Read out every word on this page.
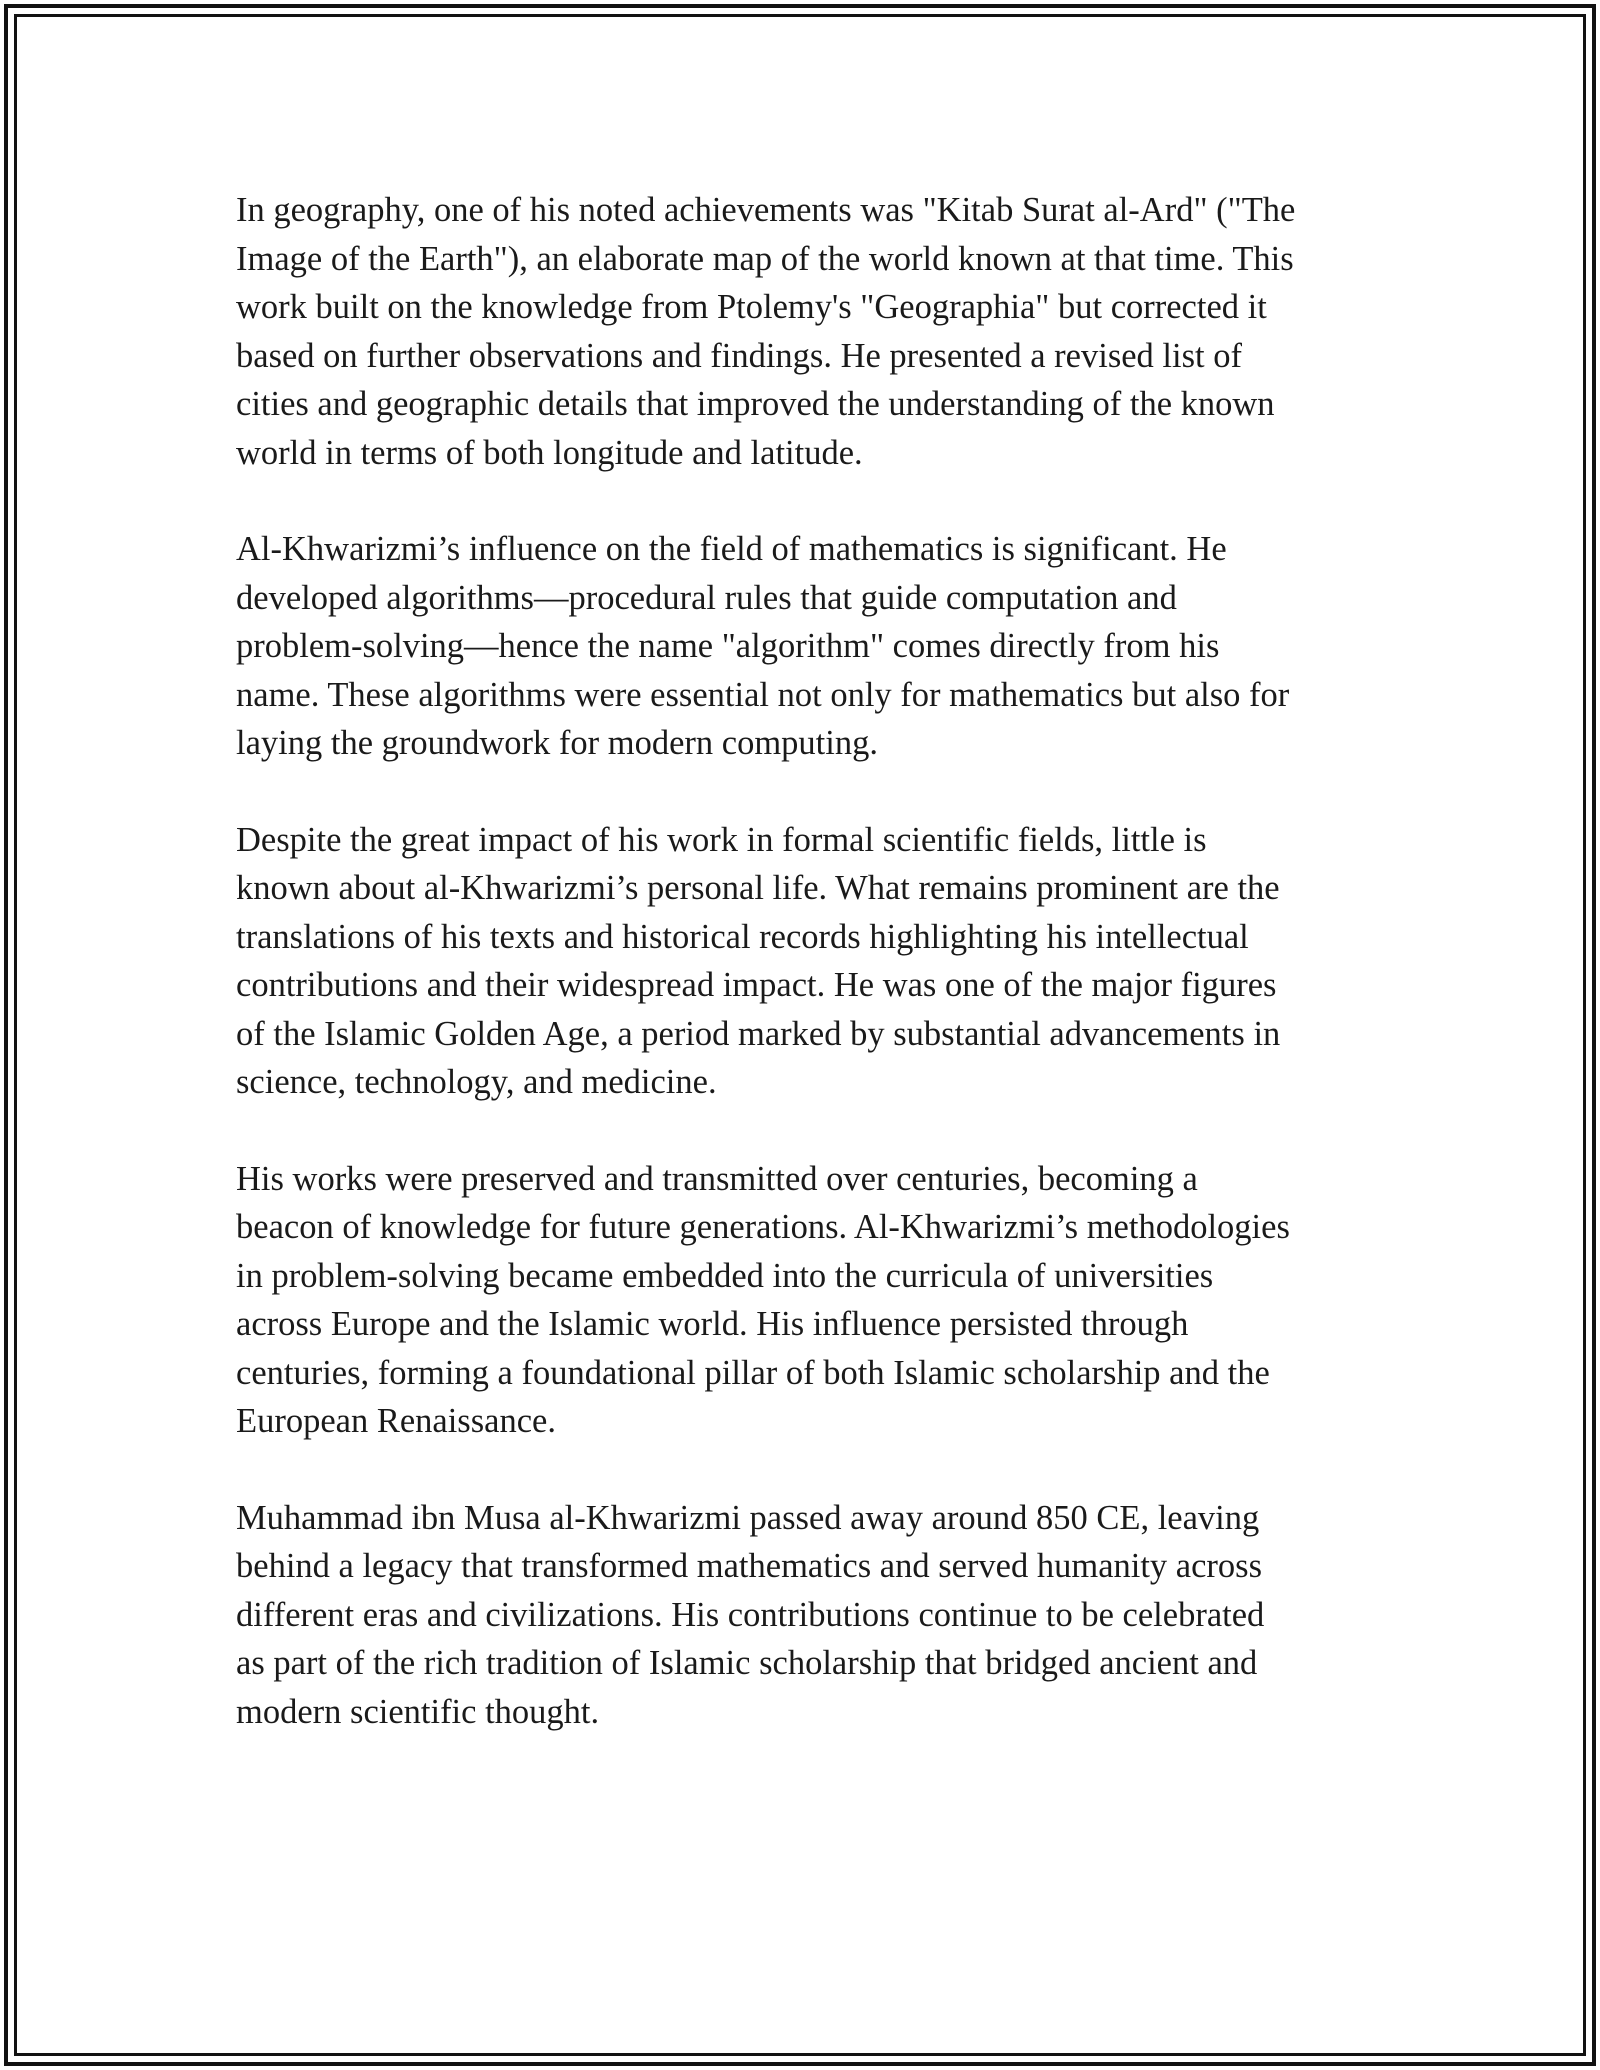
In geography, one of his noted achievements was "Kitab Surat al-Ard" ("The
Image of the Earth"), an elaborate map of the world known at that time. This
work built on the knowledge from Ptolemy's "Geographia" but corrected it
based on further observations and findings. He presented a revised list of
cities and geographic details that improved the understanding of the known
world in terms of both longitude and latitude.

Al-Khwarizmi’s influence on the field of mathematics is significant. He
developed algorithms—procedural rules that guide computation and
problem-solving—hence the name "algorithm" comes directly from his
name. These algorithms were essential not only for mathematics but also for
laying the groundwork for modern computing.

Despite the great impact of his work in formal scientific fields, little is
known about al-Khwarizmi’s personal life. What remains prominent are the
translations of his texts and historical records highlighting his intellectual
contributions and their widespread impact. He was one of the major figures
of the Islamic Golden Age, a period marked by substantial advancements in
science, technology, and medicine.

His works were preserved and transmitted over centuries, becoming a
beacon of knowledge for future generations. Al-Khwarizmi’s methodologies
in problem-solving became embedded into the curricula of universities
across Europe and the Islamic world. His influence persisted through
centuries, forming a foundational pillar of both Islamic scholarship and the
European Renaissance.

Muhammad ibn Musa al-Khwarizmi passed away around 850 CE, leaving
behind a legacy that transformed mathematics and served humanity across
different eras and civilizations. His contributions continue to be celebrated
as part of the rich tradition of Islamic scholarship that bridged ancient and
modern scientific thought.
